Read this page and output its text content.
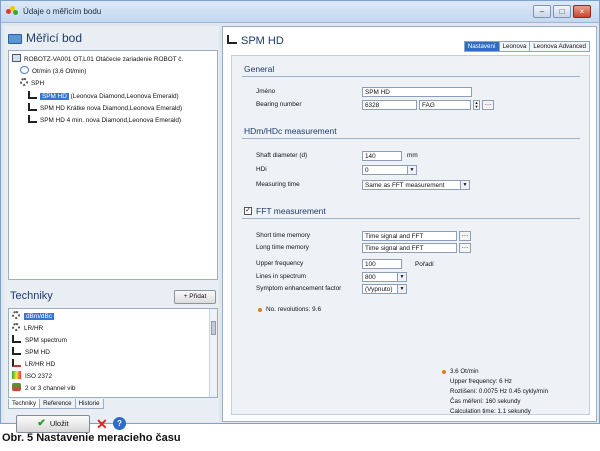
Údaje o měřicím bodu	–	□	×
Měřicí bod
ROBOTZ-VA001 OT.L01 Otáčecie zariadenie ROBOT č.
Ot/min (3.6 Ot/min)
SPH
SPM HD (Leonova Diamond,Leonova Emerald)
SPM HD Krátke nova Diamond,Leonova Emerald)
SPM HD 4 min. nova Diamond,Leonova Emerald)
Techniky	+ Přidat
dBm/dBc
LR/HR
SPM spectrum
SPM HD
LR/HR HD
ISO 2372
2 or 3 channel vib
Techniky Reference Historie
✔ Uložit	✕	?
SPM HD	Nastavení Leonova Leonova Advanced
General
Jméno	SPM HD
Bearing number	6328	FAG	▲
▼ …
HDm/HDc measurement
Shaft diameter (d)	140	mm
HDi	0	▼
Measuring time	Same as FFT measurement	▼
✓ FFT measurement
Short time memory	Time signal and FFT	…
Long time memory	Time signal and FFT	…
Upper frequency	100	Pořadí
Lines in spectrum	800	▼
Symptom enhancement factor	(Vypnuto)	▼
No. revolutions: 9.6
3.6 Ot/min
Upper frequency: 6 Hz
Rozlišení: 0.0075 Hz 0.45 cykly/min
Čas měření: 160 sekundy
Calculation time: 1.1 sekundy
Obr. 5 Nastavenie meracieho času
